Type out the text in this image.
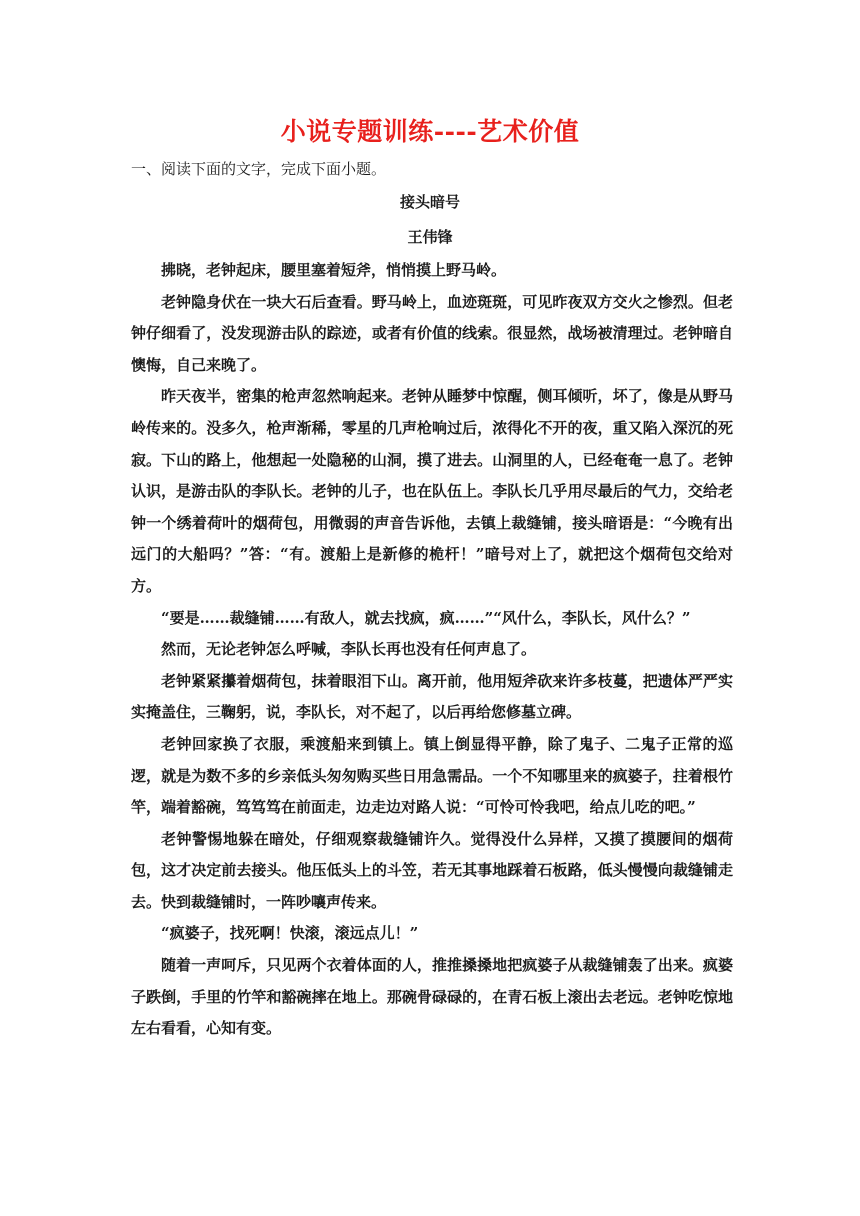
小说专题训练----艺术价值
一、阅读下面的文字，完成下面小题。
接头暗号
王伟锋

拂晓，老钟起床，腰里塞着短斧，悄悄摸上野马岭。

老钟隐身伏在一块大石后查看。野马岭上，血迹斑斑，可见昨夜双方交火之惨烈。但老钟仔细看了，没发现游击队的踪迹，或者有价值的线索。很显然，战场被清理过。老钟暗自懊悔，自己来晚了。

昨天夜半，密集的枪声忽然响起来。老钟从睡梦中惊醒，侧耳倾听，坏了，像是从野马岭传来的。没多久，枪声渐稀，零星的几声枪响过后，浓得化不开的夜，重又陷入深沉的死寂。下山的路上，他想起一处隐秘的山洞，摸了进去。山洞里的人，已经奄奄一息了。老钟认识，是游击队的李队长。老钟的儿子，也在队伍上。李队长几乎用尽最后的气力，交给老钟一个绣着荷叶的烟荷包，用微弱的声音告诉他，去镇上裁缝铺，接头暗语是：“今晚有出远门的大船吗？”答：“有。渡船上是新修的桅杆！”暗号对上了，就把这个烟荷包交给对方。

“要是……裁缝铺……有敌人，就去找疯，疯……”“风什么，李队长，风什么？”

然而，无论老钟怎么呼喊，李队长再也没有任何声息了。

老钟紧紧攥着烟荷包，抹着眼泪下山。离开前，他用短斧砍来许多枝蔓，把遗体严严实实掩盖住，三鞠躬，说，李队长，对不起了，以后再给您修墓立碑。

老钟回家换了衣服，乘渡船来到镇上。镇上倒显得平静，除了鬼子、二鬼子正常的巡逻，就是为数不多的乡亲低头匆匆购买些日用急需品。一个不知哪里来的疯婆子，拄着根竹竿，端着豁碗，笃笃笃在前面走，边走边对路人说：“可怜可怜我吧，给点儿吃的吧。”

老钟警惕地躲在暗处，仔细观察裁缝铺许久。觉得没什么异样，又摸了摸腰间的烟荷包，这才决定前去接头。他压低头上的斗笠，若无其事地踩着石板路，低头慢慢向裁缝铺走去。快到裁缝铺时，一阵吵嚷声传来。

“疯婆子，找死啊！快滚，滚远点儿！”

随着一声呵斥，只见两个衣着体面的人，推推搡搡地把疯婆子从裁缝铺轰了出来。疯婆子跌倒，手里的竹竿和豁碗摔在地上。那碗骨碌碌的，在青石板上滚出去老远。老钟吃惊地左右看看，心知有变。
